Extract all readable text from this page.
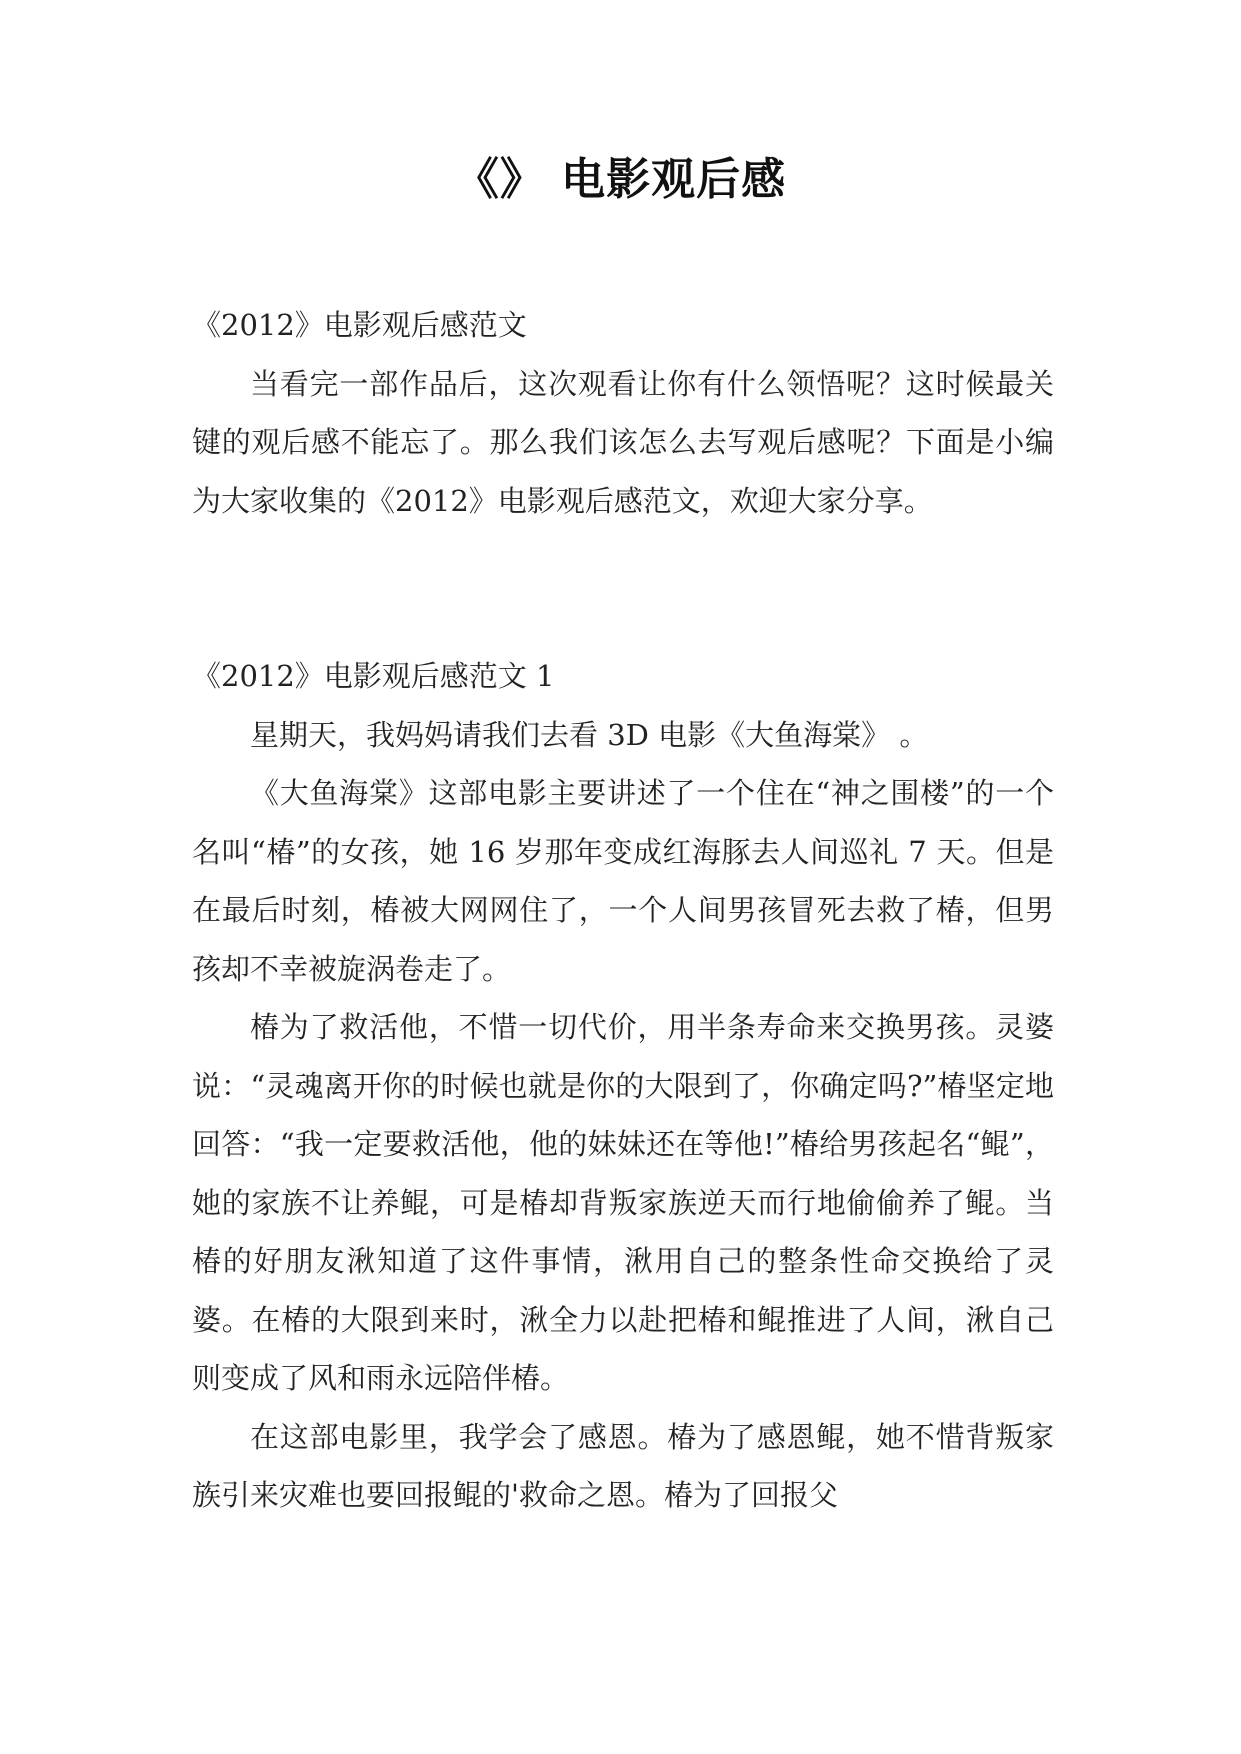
《》 电影观后感

《2012》电影观后感范文

当看完一部作品后，这次观看让你有什么领悟呢？这时候最关键的观后感不能忘了。那么我们该怎么去写观后感呢？下面是小编为大家收集的《2012》电影观后感范文，欢迎大家分享。

《2012》电影观后感范文 1

星期天，我妈妈请我们去看 3D 电影《大鱼海棠》 。

《大鱼海棠》这部电影主要讲述了一个住在“神之围楼”的一个名叫“椿”的女孩，她 16 岁那年变成红海豚去人间巡礼 7 天。但是在最后时刻，椿被大网网住了，一个人间男孩冒死去救了椿，但男孩却不幸被旋涡卷走了。

椿为了救活他，不惜一切代价，用半条寿命来交换男孩。灵婆说：“灵魂离开你的时候也就是你的大限到了，你确定吗?”椿坚定地回答：“我一定要救活他，他的妹妹还在等他!”椿给男孩起名“鲲”，她的家族不让养鲲，可是椿却背叛家族逆天而行地偷偷养了鲲。当椿的好朋友湫知道了这件事情，湫用自己的整条性命交换给了灵婆。在椿的大限到来时，湫全力以赴把椿和鲲推进了人间，湫自己则变成了风和雨永远陪伴椿。

在这部电影里，我学会了感恩。椿为了感恩鲲，她不惜背叛家族引来灾难也要回报鲲的'救命之恩。椿为了回报父
